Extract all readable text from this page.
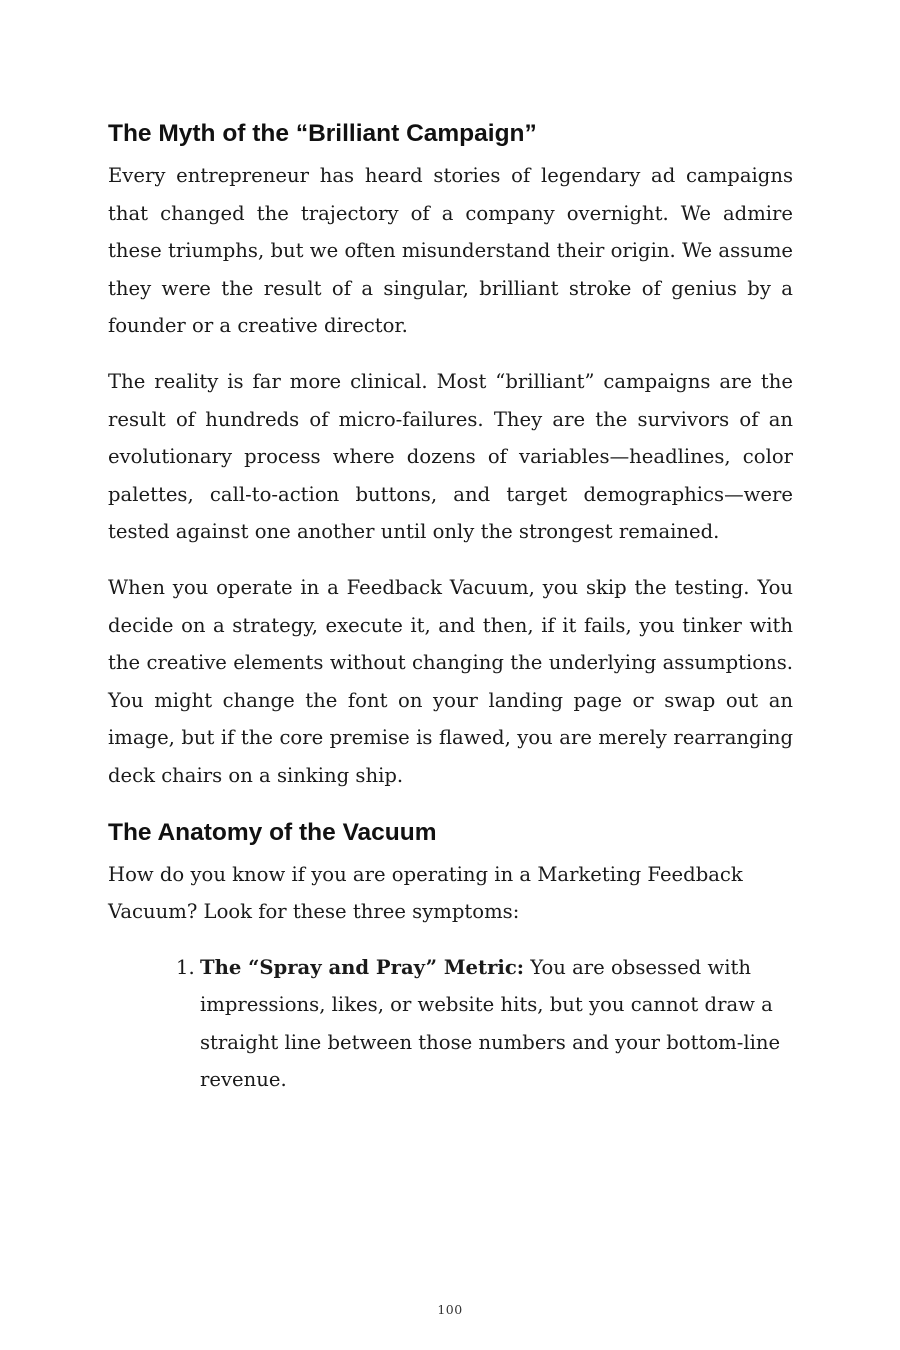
The Myth of the “Brilliant Campaign”

Every entrepreneur has heard stories of legendary ad campaigns that changed the trajectory of a company overnight. We admire these triumphs, but we often misunderstand their origin. We assume they were the result of a singular, brilliant stroke of genius by a founder or a creative director.

The reality is far more clinical. Most “brilliant” campaigns are the result of hundreds of micro-failures. They are the survivors of an evolutionary process where dozens of variables—headlines, color palettes, call-to-action buttons, and target demographics—were tested against one another until only the strongest remained.

When you operate in a Feedback Vacuum, you skip the testing. You decide on a strategy, execute it, and then, if it fails, you tinker with the creative elements without changing the underlying assumptions. You might change the font on your landing page or swap out an image, but if the core premise is flawed, you are merely rearranging deck chairs on a sinking ship.

The Anatomy of the Vacuum

How do you know if you are operating in a Marketing Feedback Vacuum? Look for these three symptoms:

1. The “Spray and Pray” Metric: You are obsessed with impressions, likes, or website hits, but you cannot draw a straight line between those numbers and your bottom-line revenue.
100
